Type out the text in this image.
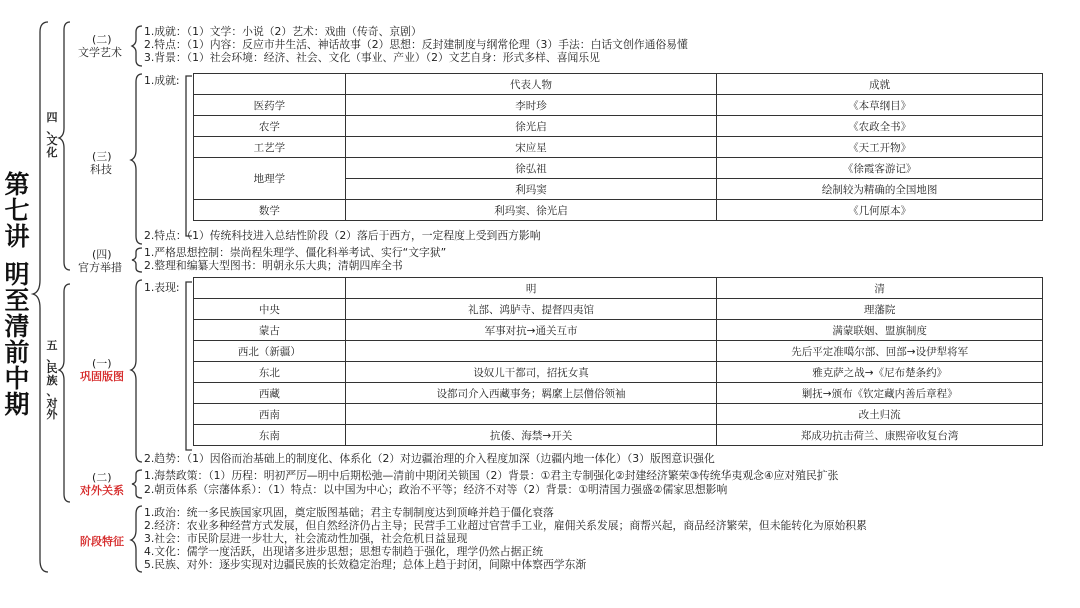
第
七
讲
明
至
清
前
中
期
四
、
文
化
(二)
文学艺术
1.成就：（1）文学：小说（2）艺术：戏曲（传奇、京剧）
2.特点：（1）内容：反应市井生活、神话故事（2）思想：反封建制度与纲常伦理（3）手法：白话文创作通俗易懂
3.背景：（1）社会环境：经济、社会、文化（事业、产业）（2）文艺自身：形式多样、喜闻乐见
(三)
科技
1.成就:
		代表人物	成就
医药学	李时珍	《本草纲目》
农学	徐光启	《农政全书》
工艺学	宋应星	《天工开物》
地理学	徐弘祖	《徐霞客游记》
	利玛窦	绘制较为精确的全国地图
数学	利玛窦、徐光启	《几何原本》
2.特点：（1）传统科技进入总结性阶段（2）落后于西方，一定程度上受到西方影响
(四)
官方举措
1.严格思想控制：崇尚程朱理学、僵化科举考试、实行“文字狱”
2.整理和编纂大型图书：明朝永乐大典；清朝四库全书
五
、
民
族
、
对
外
(一)
巩固版图
1.表现:
		明	清
中央	礼部、鸿胪寺、提督四夷馆	理藩院
蒙古	军事对抗→通关互市	满蒙联姻、盟旗制度
西北（新疆）		先后平定准噶尔部、回部→设伊犁将军
东北	设奴儿干都司，招抚女真	雅克萨之战→《尼布楚条约》
西藏	设都司介入西藏事务；羁縻上层僧俗领袖	剿抚→颁布《钦定藏内善后章程》
西南		改土归流
东南	抗倭、海禁→开关	郑成功抗击荷兰、康熙帝收复台湾
2.趋势：（1）因俗而治基础上的制度化、体系化（2）对边疆治理的介入程度加深（边疆内地一体化）（3）版图意识强化
(二)
对外关系
1.海禁政策：（1）历程：明初严厉—明中后期松弛—清前中期闭关锁国（2）背景：①君主专制强化②封建经济繁荣③传统华夷观念④应对殖民扩张
2.朝贡体系（宗藩体系）：（1）特点：以中国为中心；政治不平等；经济不对等（2）背景：①明清国力强盛②儒家思想影响
阶段特征
1.政治：统一多民族国家巩固，奠定版图基础；君主专制制度达到顶峰并趋于僵化衰落
2.经济：农业多种经营方式发展，但自然经济仍占主导；民营手工业超过官营手工业，雇佣关系发展；商帮兴起，商品经济繁荣，但未能转化为原始积累
3.社会：市民阶层进一步壮大，社会流动性加强，社会危机日益显现
4.文化：儒学一度活跃，出现诸多进步思想；思想专制趋于强化，理学仍然占据正统
5.民族、对外：逐步实现对边疆民族的长效稳定治理；总体上趋于封闭，间隙中体察西学东渐
